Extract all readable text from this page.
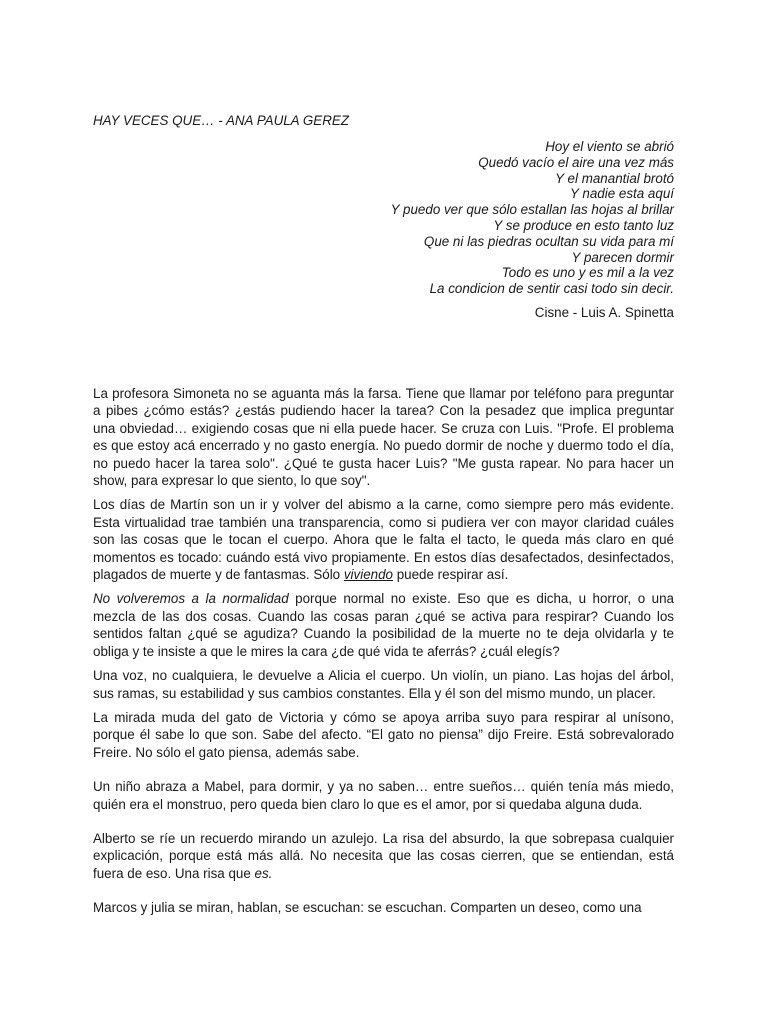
HAY VECES QUE… - ANA PAULA GEREZ
Hoy el viento se abrió
Quedó vacío el aire una vez más
Y el manantial brotó
Y nadie esta aquí
Y puedo ver que sólo estallan las hojas al brillar
Y se produce en esto tanto luz
Que ni las piedras ocultan su vida para mí
Y parecen dormir
Todo es uno y es mil a la vez
La condicion de sentir casi todo sin decir.
Cisne - Luis A. Spinetta

La profesora Simoneta no se aguanta más la farsa. Tiene que llamar por teléfono para preguntar a pibes ¿cómo estás? ¿estás pudiendo hacer la tarea? Con la pesadez que implica preguntar una obviedad… exigiendo cosas que ni ella puede hacer. Se cruza con Luis. "Profe. El problema es que estoy acá encerrado y no gasto energía. No puedo dormir de noche y duermo todo el día, no puedo hacer la tarea solo". ¿Qué te gusta hacer Luis? "Me gusta rapear. No para hacer un show, para expresar lo que siento, lo que soy".

Los días de Martín son un ir y volver del abismo a la carne, como siempre pero más evidente. Esta virtualidad trae también una transparencia, como si pudiera ver con mayor claridad cuáles son las cosas que le tocan el cuerpo. Ahora que le falta el tacto, le queda más claro en qué momentos es tocado: cuándo está vivo propiamente. En estos días desafectados, desinfectados, plagados de muerte y de fantasmas. Sólo viviendo puede respirar así.

No volveremos a la normalidad porque normal no existe. Eso que es dicha, u horror, o una mezcla de las dos cosas. Cuando las cosas paran ¿qué se activa para respirar? Cuando los sentidos faltan ¿qué se agudiza? Cuando la posibilidad de la muerte no te deja olvidarla y te obliga y te insiste a que le mires la cara ¿de qué vida te aferrás? ¿cuál elegís?

Una voz, no cualquiera, le devuelve a Alicia el cuerpo. Un violín, un piano. Las hojas del árbol, sus ramas, su estabilidad y sus cambios constantes. Ella y él son del mismo mundo, un placer.

La mirada muda del gato de Victoria y cómo se apoya arriba suyo para respirar al unísono, porque él sabe lo que son. Sabe del afecto. “El gato no piensa” dijo Freire. Está sobrevalorado Freire. No sólo el gato piensa, además sabe.

Un niño abraza a Mabel, para dormir, y ya no saben… entre sueños… quién tenía más miedo, quién era el monstruo, pero queda bien claro lo que es el amor, por si quedaba alguna duda.

Alberto se ríe un recuerdo mirando un azulejo. La risa del absurdo, la que sobrepasa cualquier explicación, porque está más allá. No necesita que las cosas cierren, que se entiendan, está fuera de eso. Una risa que es.

Marcos y julia se miran, hablan, se escuchan: se escuchan. Comparten un deseo, como una
